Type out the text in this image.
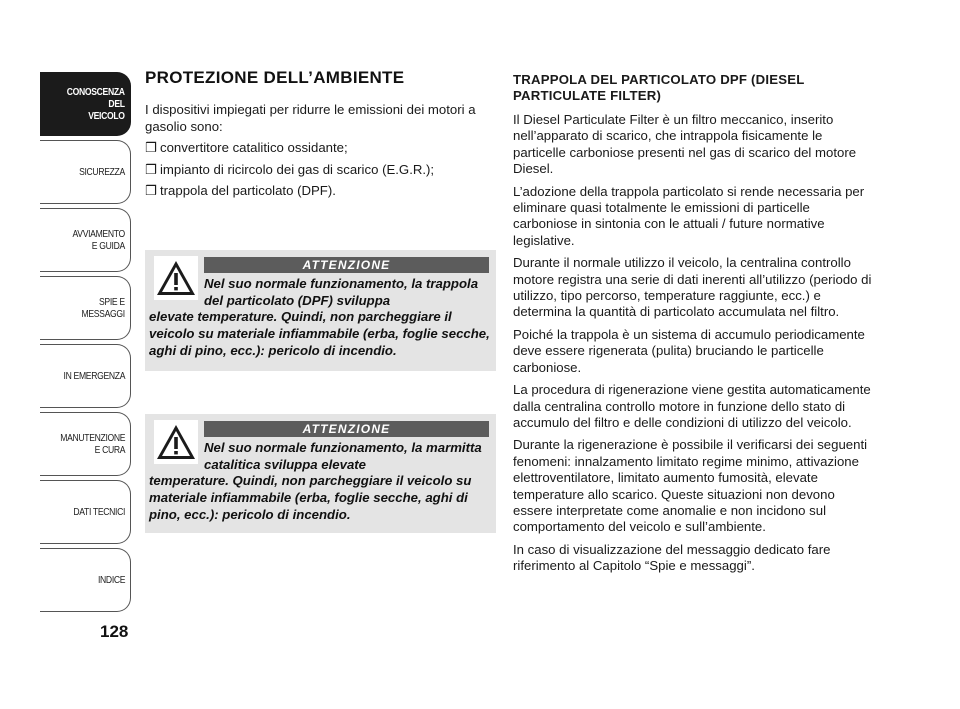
CONOSCENZA
DEL
VEICOLO
SICUREZZA
AVVIAMENTO
E GUIDA
SPIE E
MESSAGGI
IN EMERGENZA
MANUTENZIONE
E CURA
DATI TECNICI
INDICE
128
PROTEZIONE DELL’AMBIENTE

I dispositivi impiegati per ridurre le emissioni dei motori a gasolio sono:

❒ convertitore catalitico ossidante;
❒ impianto di ricircolo dei gas di scarico (E.G.R.);
❒ trappola del particolato (DPF).
ATTENZIONE
Nel suo normale funzionamento, la trappola del particolato (DPF) sviluppa
elevate temperature. Quindi, non parcheggiare il veicolo su materiale infiammabile (erba, foglie secche, aghi di pino, ecc.): pericolo di incendio.
ATTENZIONE
Nel suo normale funzionamento, la marmitta catalitica sviluppa elevate
temperature. Quindi, non parcheggiare il veicolo su materiale infiammabile (erba, foglie secche, aghi di pino, ecc.): pericolo di incendio.
TRAPPOLA DEL PARTICOLATO DPF (DIESEL PARTICULATE FILTER)

Il Diesel Particulate Filter è un filtro meccanico, inserito nell’apparato di scarico, che intrappola fisicamente le particelle carboniose presenti nel gas di scarico del motore Diesel.

L’adozione della trappola particolato si rende necessaria per eliminare quasi totalmente le emissioni di particelle carboniose in sintonia con le attuali / future normative legislative.

Durante il normale utilizzo il veicolo, la centralina controllo motore registra una serie di dati inerenti all’utilizzo (periodo di utilizzo, tipo percorso, temperature raggiunte, ecc.) e determina la quantità di particolato accumulata nel filtro.

Poiché la trappola è un sistema di accumulo periodicamente deve essere rigenerata (pulita) bruciando le particelle carboniose.

La procedura di rigenerazione viene gestita automaticamente dalla centralina controllo motore in funzione dello stato di accumulo del filtro e delle condizioni di utilizzo del veicolo.

Durante la rigenerazione è possibile il verificarsi dei seguenti fenomeni: innalzamento limitato regime minimo, attivazione elettroventilatore, limitato aumento fumosità, elevate temperature allo scarico. Queste situazioni non devono essere interpretate come anomalie e non incidono sul comportamento del veicolo e sull’ambiente.

In caso di visualizzazione del messaggio dedicato fare riferimento al Capitolo “Spie e messaggi”.
